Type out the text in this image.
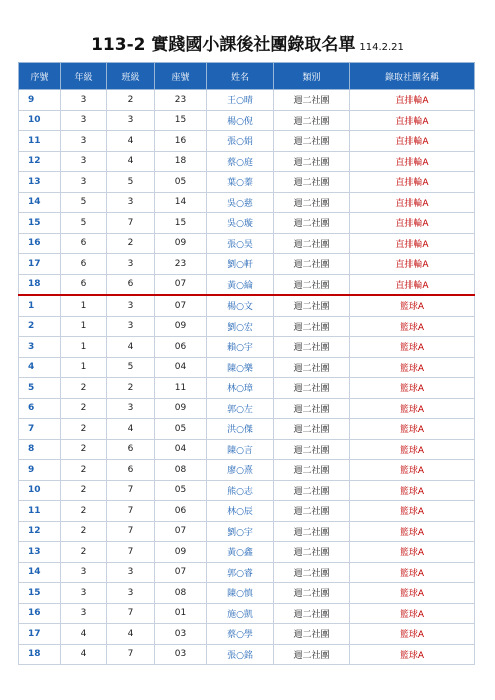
113-2 實踐國小課後社團錄取名單 114.2.21
序號	年級	班級	座號	姓名	類別	錄取社團名稱
9	3	2	23	王○晴	週二社團	直排輪A
10	3	3	15	楊○倪	週二社團	直排輪A
11	3	4	16	張○娟	週二社團	直排輪A
12	3	4	18	蔡○庭	週二社團	直排輪A
13	3	5	05	葉○蓁	週二社團	直排輪A
14	5	3	14	吳○慈	週二社團	直排輪A
15	5	7	15	吳○璇	週二社團	直排輪A
16	6	2	09	張○昊	週二社團	直排輪A
17	6	3	23	劉○軒	週二社團	直排輪A
18	6	6	07	黃○綸	週二社團	直排輪A
1	1	3	07	楊○文	週二社團	籃球A
2	1	3	09	劉○宏	週二社團	籃球A
3	1	4	06	賴○宇	週二社團	籃球A
4	1	5	04	陳○樂	週二社團	籃球A
5	2	2	11	林○璋	週二社團	籃球A
6	2	3	09	郭○左	週二社團	籃球A
7	2	4	05	洪○傑	週二社團	籃球A
8	2	6	04	陳○言	週二社團	籃球A
9	2	6	08	廖○熹	週二社團	籃球A
10	2	7	05	熊○志	週二社團	籃球A
11	2	7	06	林○辰	週二社團	籃球A
12	2	7	07	劉○宇	週二社團	籃球A
13	2	7	09	黃○鑫	週二社團	籃球A
14	3	3	07	郭○睿	週二社團	籃球A
15	3	3	08	陳○慎	週二社團	籃球A
16	3	7	01	施○凱	週二社團	籃球A
17	4	4	03	蔡○學	週二社團	籃球A
18	4	7	03	張○銘	週二社團	籃球A
